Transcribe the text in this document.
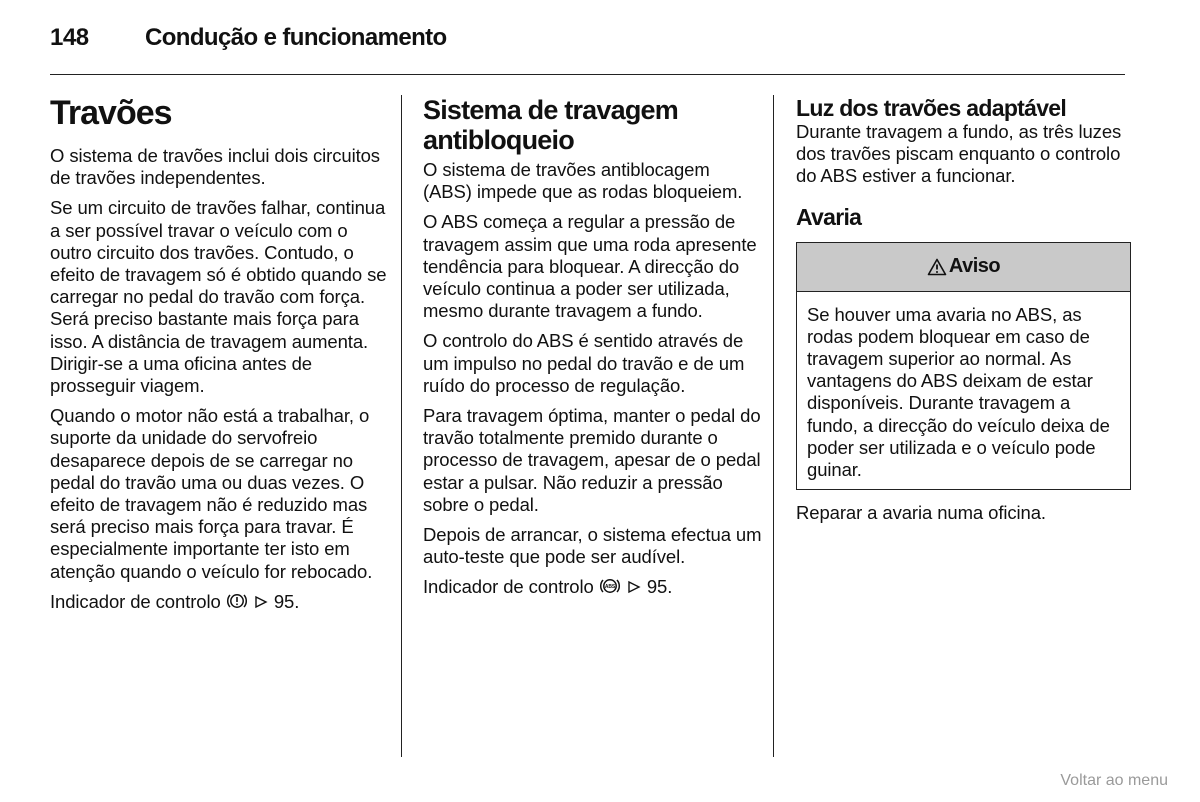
148 Condução e funcionamento
Travões

O sistema de travões inclui dois circuitos de travões independentes.

Se um circuito de travões falhar, continua a ser possível travar o veículo com o outro circuito dos travões. Contudo, o efeito de travagem só é obtido quando se carregar no pedal do travão com força. Será preciso bastante mais força para isso. A distância de travagem aumenta. Dirigir-se a uma oficina antes de prosseguir viagem.

Quando o motor não está a trabalhar, o suporte da unidade do servofreio desaparece depois de se carregar no pedal do travão uma ou duas vezes. O efeito de travagem não é reduzido mas será preciso mais força para travar. É especialmente importante ter isto em atenção quando o veículo for rebocado.

Indicador de controlo	95.

Sistema de travagem antibloqueio

O sistema de travões antiblocagem (ABS) impede que as rodas bloqueiem.

O ABS começa a regular a pressão de travagem assim que uma roda apresente tendência para bloquear. A direcção do veículo continua a poder ser utilizada, mesmo durante travagem a fundo.

O controlo do ABS é sentido através de um impulso no pedal do travão e de um ruído do processo de regulação.

Para travagem óptima, manter o pedal do travão totalmente premido durante o processo de travagem, apesar de o pedal estar a pulsar. Não reduzir a pressão sobre o pedal.

Depois de arrancar, o sistema efectua um auto-teste que pode ser audível.

Indicador de controlo ABS 95.

Luz dos travões adaptável

Durante travagem a fundo, as três luzes dos travões piscam enquanto o controlo do ABS estiver a funcionar.

Avaria
Aviso

Se houver uma avaria no ABS, as rodas podem bloquear em caso de travagem superior ao normal. As vantagens do ABS deixam de estar disponíveis. Durante travagem a fundo, a direcção do veículo deixa de poder ser utilizada e o veículo pode guinar.

Reparar a avaria numa oficina.

Voltar ao menu
